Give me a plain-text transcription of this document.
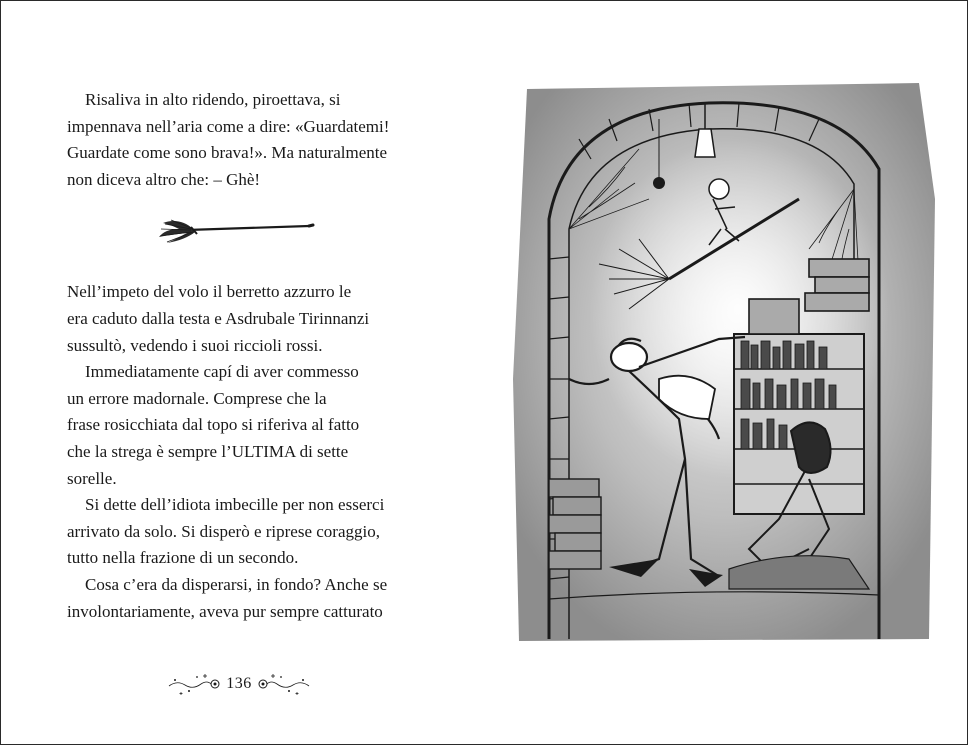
Risaliva in alto ridendo, piroettava, si
impennava nell’aria come a dire: «Guardatemi!
Guardate come sono brava!». Ma naturalmente
non diceva altro che: – Ghè!
Nell’impeto del volo il berretto azzurro le
era caduto dalla testa e Asdrubale Tirinnanzi
sussultò, vedendo i suoi riccioli rossi.
Immediatamente capí di aver commesso
un errore madornale. Comprese che la
frase rosicchiata dal topo si riferiva al fatto
che la strega è sempre l’ULTIMA di sette
sorelle.
Si dette dell’idiota imbecille per non esserci
arrivato da solo. Si disperò e riprese coraggio,
tutto nella frazione di un secondo.
Cosa c’era da disperarsi, in fondo? Anche se
involontariamente, aveva pur sempre catturato
136
